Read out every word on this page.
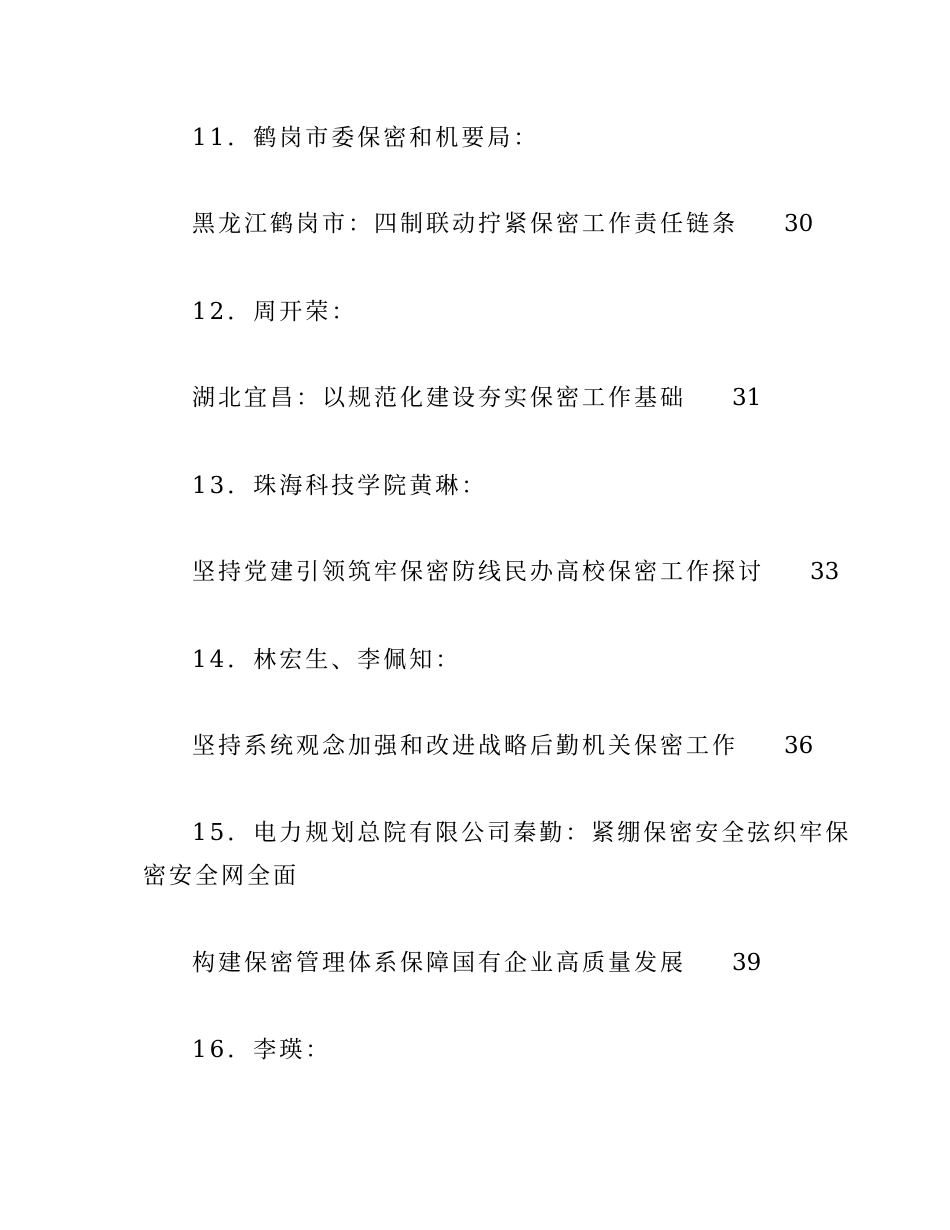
11．鹤岗市委保密和机要局：
黑龙江鹤岗市：四制联动拧紧保密工作责任链条 30
12．周开荣：
湖北宜昌：以规范化建设夯实保密工作基础 31
13．珠海科技学院黄琳：
坚持党建引领筑牢保密防线民办高校保密工作探讨 33
14．林宏生、李佩知：
坚持系统观念加强和改进战略后勤机关保密工作 36
15．电力规划总院有限公司秦勤：紧绷保密安全弦织牢保
密安全网全面
构建保密管理体系保障国有企业高质量发展 39
16．李瑛：
